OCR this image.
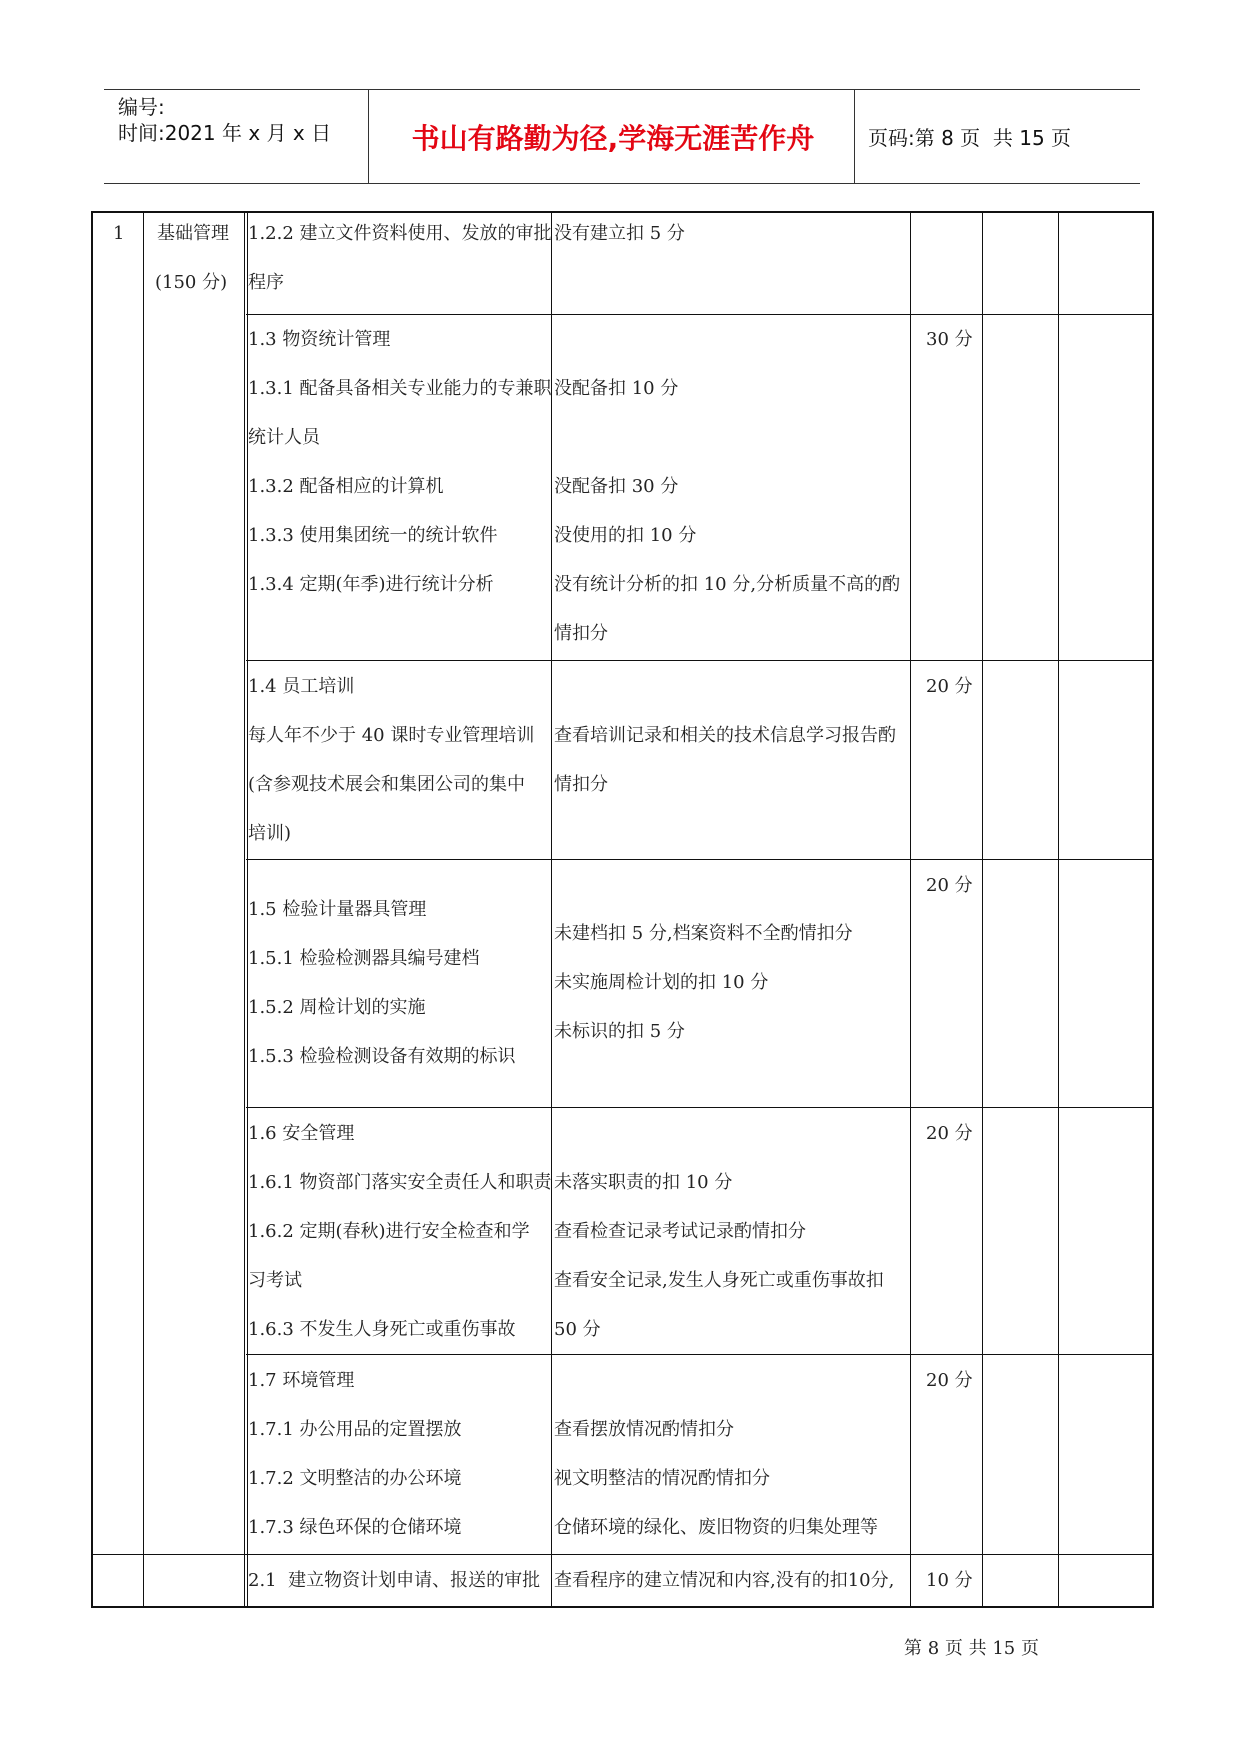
编号:
时间:2021 年 x 月 x 日	书山有路勤为径,学海无涯苦作舟	页码:第 8 页  共 15 页
1 基础管理
(150 分)
1.2.2 建立文件资料使用、发放的审批
程序
没有建立扣 5 分
1.3 物资统计管理
1.3.1 配备具备相关专业能力的专兼职
统计人员
1.3.2 配备相应的计算机
1.3.3 使用集团统一的统计软件
1.3.4 定期(年季)进行统计分析
没配备扣 10 分
没配备扣 30 分
没使用的扣 10 分
没有统计分析的扣 10 分,分析质量不高的酌
情扣分
30 分
1.4 员工培训
每人年不少于 40 课时专业管理培训
(含参观技术展会和集团公司的集中
培训)
查看培训记录和相关的技术信息学习报告酌
情扣分
20 分
1.5 检验计量器具管理
1.5.1 检验检测器具编号建档
1.5.2 周检计划的实施
1.5.3 检验检测设备有效期的标识
未建档扣 5 分,档案资料不全酌情扣分
未实施周检计划的扣 10 分
未标识的扣 5 分
20 分
1.6 安全管理
1.6.1 物资部门落实安全责任人和职责
1.6.2 定期(春秋)进行安全检查和学
习考试
1.6.3 不发生人身死亡或重伤事故
未落实职责的扣 10 分
查看检查记录考试记录酌情扣分
查看安全记录,发生人身死亡或重伤事故扣
50 分
20 分
1.7 环境管理
1.7.1 办公用品的定置摆放
1.7.2 文明整洁的办公环境
1.7.3 绿色环保的仓储环境
查看摆放情况酌情扣分
视文明整洁的情况酌情扣分
仓储环境的绿化、废旧物资的归集处理等
20 分
2.1  建立物资计划申请、报送的审批 查看程序的建立情况和内容,没有的扣10分, 10 分
第 8 页 共 15 页
